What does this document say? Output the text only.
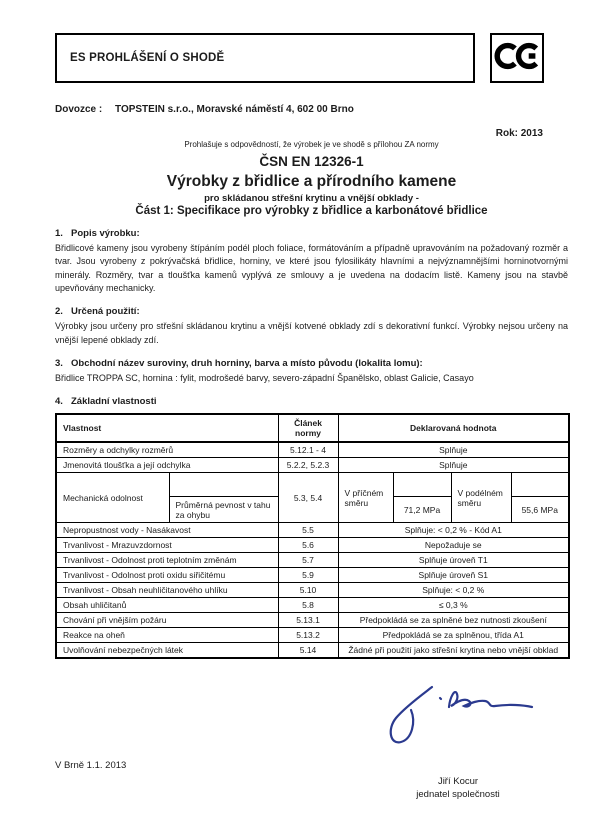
ES PROHLÁŠENÍ O SHODĚ
Dovozce : TOPSTEIN s.r.o., Moravské náměstí 4, 602 00 Brno
Rok: 2013
Prohlašuje s odpovědností, že výrobek je ve shodě s přílohou ZA normy
ČSN EN 12326-1
Výrobky z břidlice a přírodního kamene
pro skládanou střešní krytinu a vnější obklady -
Část 1: Specifikace pro výrobky z břidlice a karbonátové břidlice
1. Popis výrobku:
Břidlicové kameny jsou vyrobeny štípáním podél ploch foliace, formátováním a případně upravováním na požadovaný rozměr a tvar. Jsou vyrobeny z pokrývačská břidlice, horniny, ve které jsou fylosilikáty hlavními a nejvýznamnějšími horninotvornými minerály. Rozměry, tvar a tloušťka kamenů vyplývá ze smlouvy a je uvedena na dodacím listě. Kameny jsou na stavbě upevňovány mechanicky.
2. Určená použití:
Výrobky jsou určeny pro střešní skládanou krytinu a vnější kotvené obklady zdí s dekorativní funkcí. Výrobky nejsou určeny na vnější lepené obklady zdí.
3. Obchodní název suroviny, druh horniny, barva a místo původu (lokalita lomu):
Břidlice TROPPA SC, hornina : fylit, modrošedé barvy, severo-západní Španělsko, oblast Galicie, Casayo
4. Základní vlastnosti
Vlastnost		Článek normy	Deklarovaná hodnota			
Rozměry a odchylky rozměrů		5.12.1 - 4	Splňuje			
Jmenovitá tloušťka a její odchylka		5.2.2, 5.2.3	Splňuje			
Mechanická odolnost		5.3, 5.4	V příčném směru		V podélném směru	
	Průměrná pevnost v tahu za ohybu			71,2 MPa		55,6 MPa
Nepropustnost vody - Nasákavost		5.5	Splňuje: < 0,2 % - Kód A1			
Trvanlivost - Mrazuvzdornost		5.6	Nepožaduje se			
Trvanlivost - Odolnost proti teplotním změnám		5.7	Splňuje úroveň T1			
Trvanlivost - Odolnost proti oxidu siřičitému		5.9	Splňuje úroveň S1			
Trvanlivost - Obsah neuhličitanového uhlíku		5.10	Splňuje: < 0,2 %			
Obsah uhličitanů		5.8	≤ 0,3 %			
Chování při vnějším požáru		5.13.1	Předpokládá se za splněné bez nutnosti zkoušení			
Reakce na oheň		5.13.2	Předpokládá se za splněnou, třída A1			
Uvolňování nebezpečných látek		5.14	Žádné při použití jako střešní krytina nebo vnější obklad			
V Brně 1.1. 2013
Jiří Kocur
jednatel společnosti
